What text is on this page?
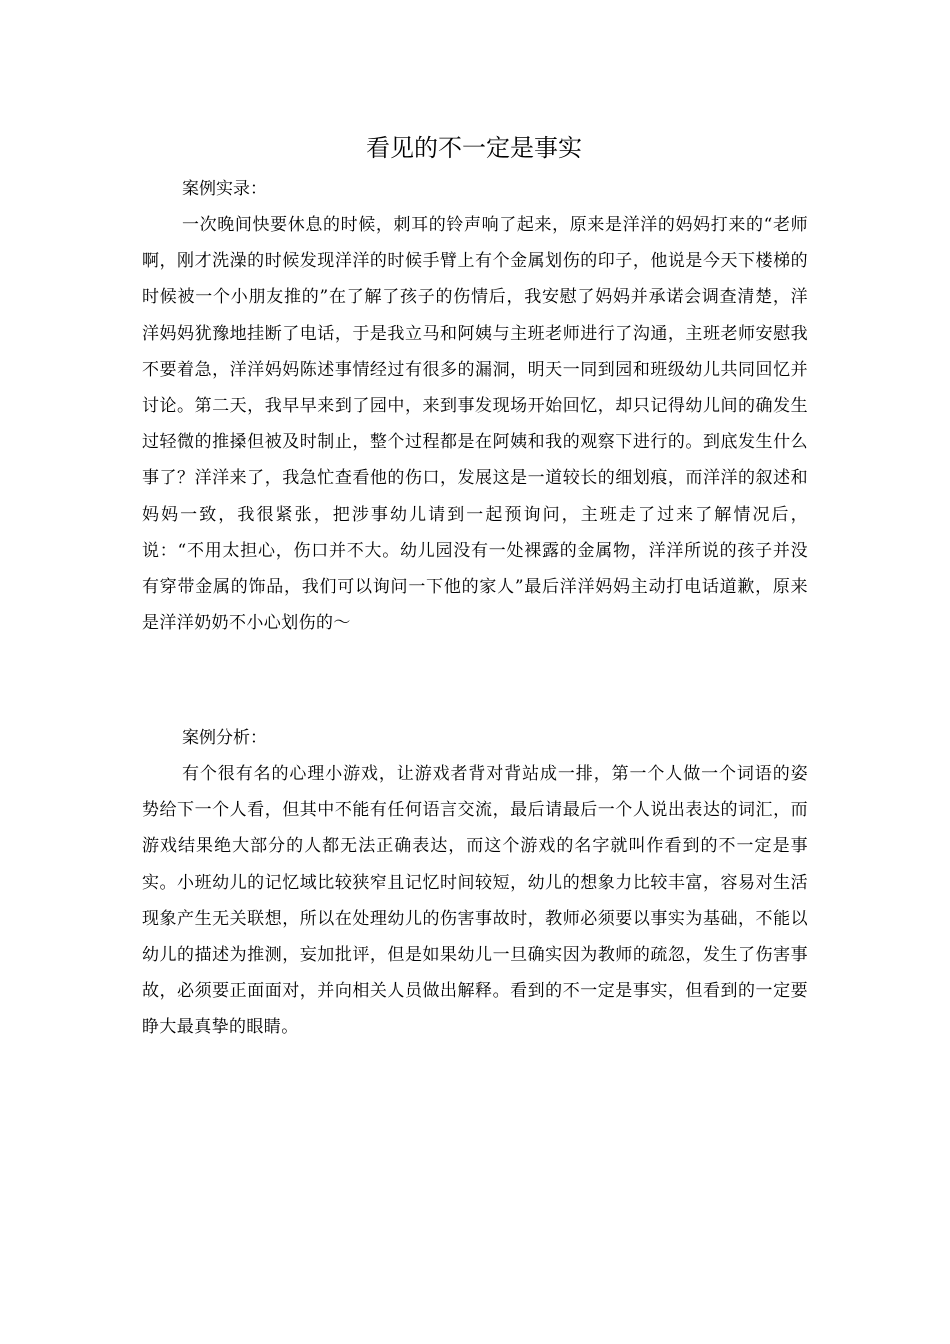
看见的不一定是事实

案例实录：

一次晚间快要休息的时候，刺耳的铃声响了起来，原来是洋洋的妈妈打来的“老师啊，刚才洗澡的时候发现洋洋的时候手臂上有个金属划伤的印子，他说是今天下楼梯的时候被一个小朋友推的”在了解了孩子的伤情后，我安慰了妈妈并承诺会调查清楚，洋洋妈妈犹豫地挂断了电话，于是我立马和阿姨与主班老师进行了沟通，主班老师安慰我不要着急，洋洋妈妈陈述事情经过有很多的漏洞，明天一同到园和班级幼儿共同回忆并讨论。第二天，我早早来到了园中，来到事发现场开始回忆，却只记得幼儿间的确发生过轻微的推搡但被及时制止，整个过程都是在阿姨和我的观察下进行的。到底发生什么事了？洋洋来了，我急忙查看他的伤口，发展这是一道较长的细划痕，而洋洋的叙述和妈妈一致，我很紧张，把涉事幼儿请到一起预询问，主班走了过来了解情况后，说：“不用太担心，伤口并不大。幼儿园没有一处裸露的金属物，洋洋所说的孩子并没有穿带金属的饰品，我们可以询问一下他的家人”最后洋洋妈妈主动打电话道歉，原来是洋洋奶奶不小心划伤的～

案例分析：

有个很有名的心理小游戏，让游戏者背对背站成一排，第一个人做一个词语的姿势给下一个人看，但其中不能有任何语言交流，最后请最后一个人说出表达的词汇，而游戏结果绝大部分的人都无法正确表达，而这个游戏的名字就叫作看到的不一定是事实。小班幼儿的记忆域比较狭窄且记忆时间较短，幼儿的想象力比较丰富，容易对生活现象产生无关联想，所以在处理幼儿的伤害事故时，教师必须要以事实为基础，不能以幼儿的描述为推测，妄加批评，但是如果幼儿一旦确实因为教师的疏忽，发生了伤害事故，必须要正面面对，并向相关人员做出解释。看到的不一定是事实，但看到的一定要睁大最真挚的眼睛。
